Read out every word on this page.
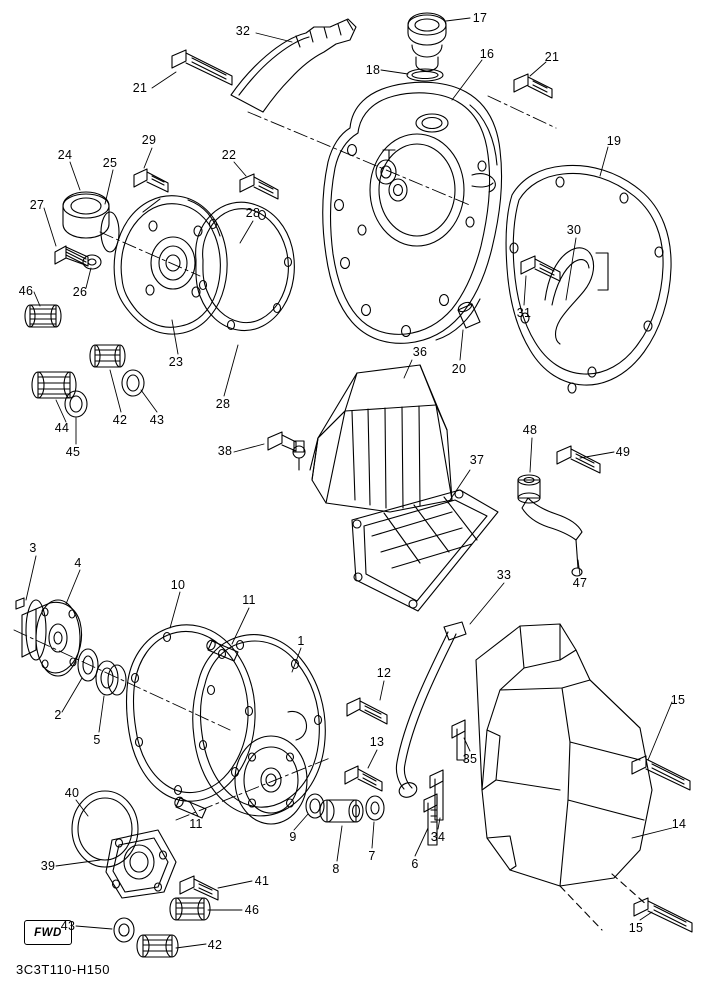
17
32
16	21
18
21
19
29
24
25
22
30
27
28
26
31
46
23	20
36
28
42 43
44
45
48
49
38
37
47
3
4
10
11
33
1
15
12
2
5	13
35
40
11
34
14
9
8
7
6
39
41
46
43	15
42
FWD
3C3T110-H150
